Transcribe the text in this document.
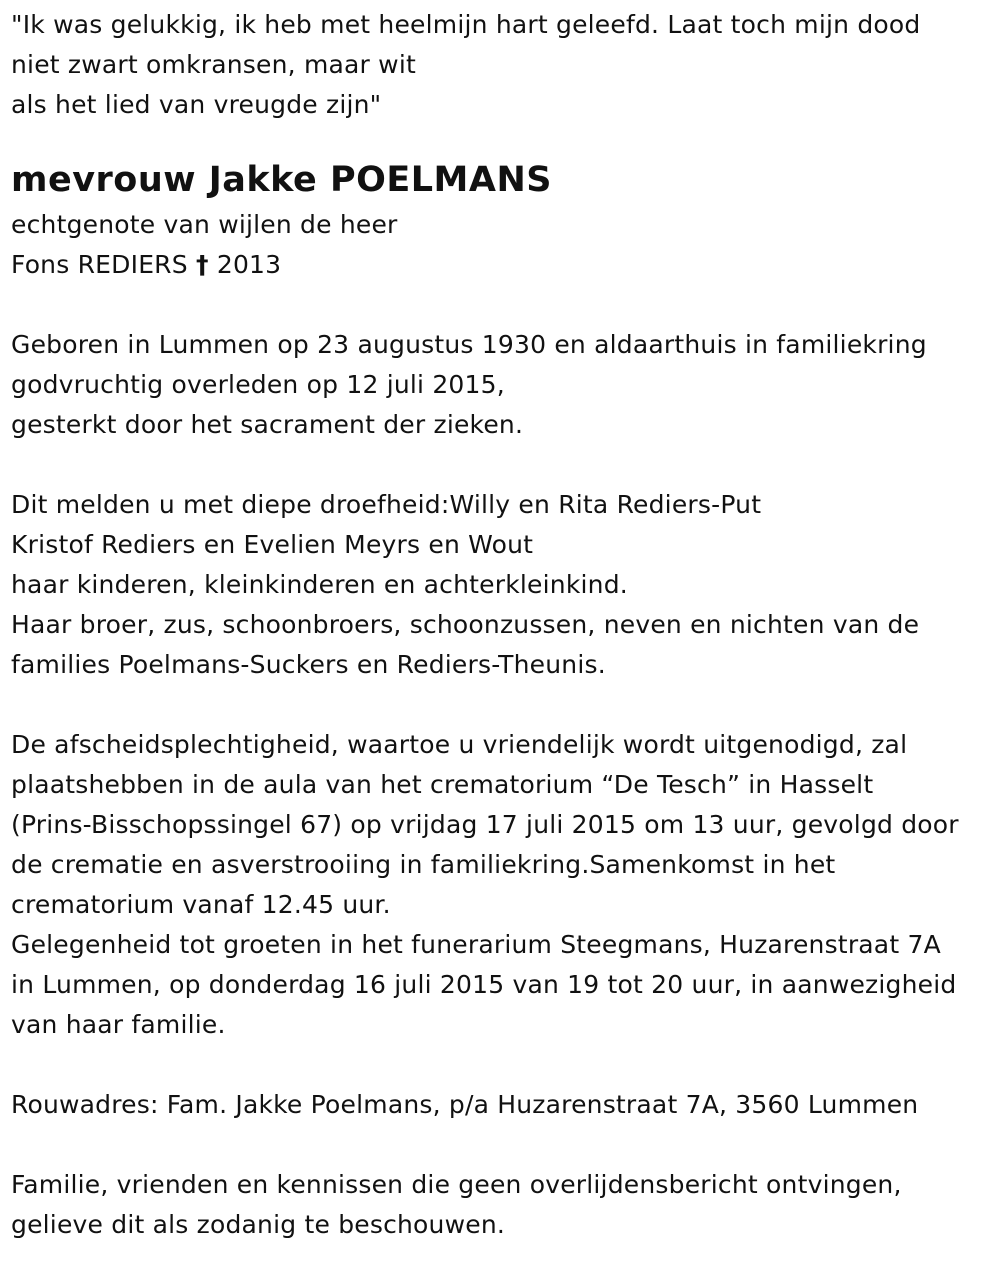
"Ik was gelukkig, ik heb met heelmijn hart geleefd. Laat toch mijn dood
niet zwart omkransen, maar wit
als het lied van vreugde zijn"
mevrouw Jakke POELMANS
echtgenote van wijlen de heer
Fons REDIERS † 2013
Geboren in Lummen op 23 augustus 1930 en aldaarthuis in familiekring
godvruchtig overleden op 12 juli 2015,
gesterkt door het sacrament der zieken.
Dit melden u met diepe droefheid:Willy en Rita Rediers-Put
Kristof Rediers en Evelien Meyrs en Wout
haar kinderen, kleinkinderen en achterkleinkind.
Haar broer, zus, schoonbroers, schoonzussen, neven en nichten van de
families Poelmans-Suckers en Rediers-Theunis.
De afscheidsplechtigheid, waartoe u vriendelijk wordt uitgenodigd, zal
plaatshebben in de aula van het crematorium “De Tesch” in Hasselt
(Prins-Bisschopssingel 67) op vrijdag 17 juli 2015 om 13 uur, gevolgd door
de crematie en asverstrooiing in familiekring.Samenkomst in het
crematorium vanaf 12.45 uur.
Gelegenheid tot groeten in het funerarium Steegmans, Huzarenstraat 7A
in Lummen, op donderdag 16 juli 2015 van 19 tot 20 uur, in aanwezigheid
van haar familie.
Rouwadres: Fam. Jakke Poelmans, p/a Huzarenstraat 7A, 3560 Lummen
Familie, vrienden en kennissen die geen overlijdensbericht ontvingen,
gelieve dit als zodanig te beschouwen.
